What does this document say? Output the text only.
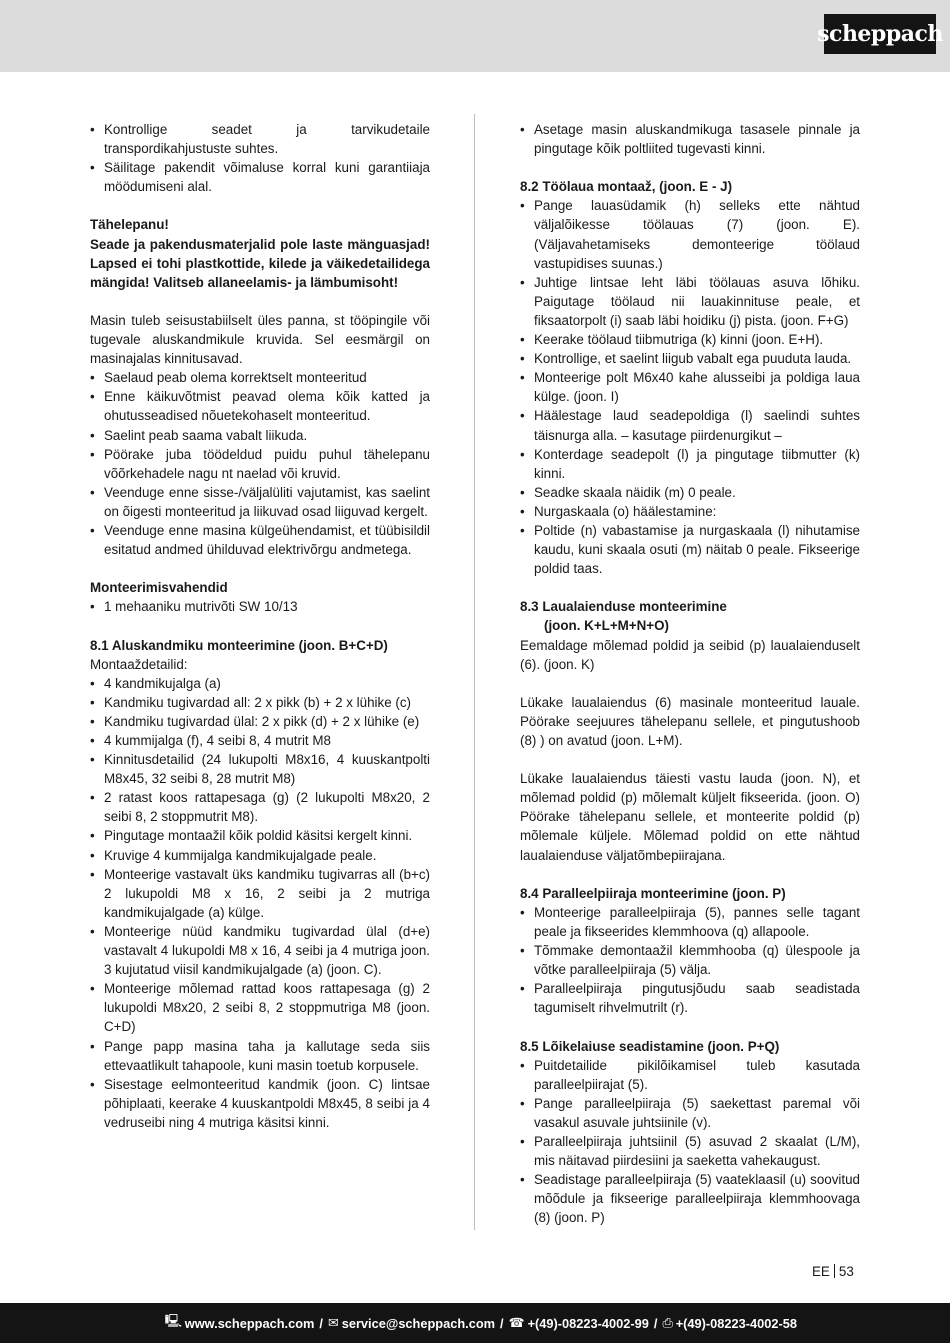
scheppach
• Kontrollige seadet ja tarvikudetaile transpordikahjustuste suhtes.
• Säilitage pakendit võimaluse korral kuni garantiiaja möödumiseni alal.

Tähelepanu!

Seade ja pakendusmaterjalid pole laste mänguasjad! Lapsed ei tohi plastkottide, kilede ja väikedetailidega mängida! Valitseb allaneelamis- ja lämbumisoht!

Masin tuleb seisustabiilselt üles panna, st tööpingile või tugevale aluskandmikule kruvida. Sel eesmärgil on masinajalas kinnitusavad.

• Saelaud peab olema korrektselt monteeritud
• Enne käikuvõtmist peavad olema kõik katted ja ohutusseadised nõuetekohaselt monteeritud.
• Saelint peab saama vabalt liikuda.
• Pöörake juba töödeldud puidu puhul tähelepanu võõrkehadele nagu nt naelad või kruvid.
• Veenduge enne sisse-/väljalüliti vajutamist, kas saelint on õigesti monteeritud ja liikuvad osad liiguvad kergelt.
• Veenduge enne masina külgeühendamist, et tüübisildil esitatud andmed ühilduvad elektrivõrgu andmetega.

Monteerimisvahendid

• 1 mehaaniku mutrivõti SW 10/13

8.1 Aluskandmiku monteerimine (joon. B+C+D)

Montaaždetailid:

• 4 kandmikujalga (a)
• Kandmiku tugivardad all: 2 x pikk (b) + 2 x lühike (c)
• Kandmiku tugivardad ülal: 2 x pikk (d) + 2 x lühike (e)
• 4 kummijalga (f), 4 seibi 8, 4 mutrit M8
• Kinnitusdetailid (24 lukupolti M8x16, 4 kuuskantpolti M8x45, 32 seibi 8, 28 mutrit M8)
• 2 ratast koos rattapesaga (g) (2 lukupolti M8x20, 2 seibi 8, 2 stoppmutrit M8).
• Pingutage montaažil kõik poldid käsitsi kergelt kinni.
• Kruvige 4 kummijalga kandmikujalgade peale.
• Monteerige vastavalt üks kandmiku tugivarras all (b+c) 2 lukupoldi M8 x 16, 2 seibi ja 2 mutriga kandmikujalgade (a) külge.
• Monteerige nüüd kandmiku tugivardad ülal (d+e) vastavalt 4 lukupoldi M8 x 16, 4 seibi ja 4 mutriga joon. 3 kujutatud viisil kandmikujalgade (a) (joon. C).
• Monteerige mõlemad rattad koos rattapesaga (g) 2 lukupoldi M8x20, 2 seibi 8, 2 stoppmutriga M8 (joon. C+D)
• Pange papp masina taha ja kallutage seda siis ettevaatlikult tahapoole, kuni masin toetub korpusele.
• Sisestage eelmonteeritud kandmik (joon. C) lintsae põhiplaati, keerake 4 kuuskantpoldi M8x45, 8 seibi ja 4 vedruseibi ning 4 mutriga käsitsi kinni.
• Asetage masin aluskandmikuga tasasele pinnale ja pingutage kõik poltliited tugevasti kinni.

8.2 Töölaua montaaž, (joon. E - J)

• Pange lauasüdamik (h) selleks ette nähtud väljalõikesse töölauas (7) (joon. E). (Väljavahetamiseks demonteerige töölaud vastupidises suunas.)
• Juhtige lintsae leht läbi töölauas asuva lõhiku. Paigutage töölaud nii lauakinnituse peale, et fiksaatorpolt (i) saab läbi hoidiku (j) pista. (joon. F+G)
• Keerake töölaud tiibmutriga (k) kinni (joon. E+H).
• Kontrollige, et saelint liigub vabalt ega puuduta lauda.
• Monteerige polt M6x40 kahe alusseibi ja poldiga laua külge. (joon. I)
• Häälestage laud seadepoldiga (l) saelindi suhtes täisnurga alla. – kasutage piirdenurgikut –
• Konterdage seadepolt (l) ja pingutage tiibmutter (k) kinni.
• Seadke skaala näidik (m) 0 peale.
• Nurgaskaala (o) häälestamine:
• Poltide (n) vabastamise ja nurgaskaala (l) nihutamise kaudu, kuni skaala osuti (m) näitab 0 peale. Fikseerige poldid taas.

8.3 Laualaienduse monteerimine

(joon. K+L+M+N+O)

Eemaldage mõlemad poldid ja seibid (p) laualaienduselt (6). (joon. K)

Lükake laualaiendus (6) masinale monteeritud lauale. Pöörake seejuures tähelepanu sellele, et pingutushoob (8) ) on avatud (joon. L+M).

Lükake laualaiendus täiesti vastu lauda (joon. N), et mõlemad poldid (p) mõlemalt küljelt fikseerida. (joon. O) Pöörake tähelepanu sellele, et monteerite poldid (p) mõlemale küljele. Mõlemad poldid on ette nähtud laualaienduse väljatõmbepiirajana.

8.4 Paralleelpiiraja monteerimine (joon. P)

• Monteerige paralleelpiiraja (5), pannes selle tagant peale ja fikseerides klemmhoova (q) allapoole.
• Tõmmake demontaažil klemmhooba (q) ülespoole ja võtke paralleelpiiraja (5) välja.
• Paralleelpiiraja pingutusjõudu saab seadistada tagumiselt rihvelmutrilt (r).

8.5 Lõikelaiuse seadistamine (joon. P+Q)

• Puitdetailide pikilõikamisel tuleb kasutada paralleelpiirajat (5).
• Pange paralleelpiiraja (5) saekettast paremal või vasakul asuvale juhtsiinile (v).
• Paralleelpiiraja juhtsiinil (5) asuvad 2 skaalat (L/M), mis näitavad piirdesiini ja saeketta vahekaugust.
• Seadistage paralleelpiiraja (5) vaateklaasil (u) soovitud mõõdule ja fikseerige paralleelpiiraja klemmhoovaga (8) (joon. P)
EE 53
🖳 www.scheppach.com / ✉ service@scheppach.com / ☎ +(49)-08223-4002-99 / ⎙ +(49)-08223-4002-58
